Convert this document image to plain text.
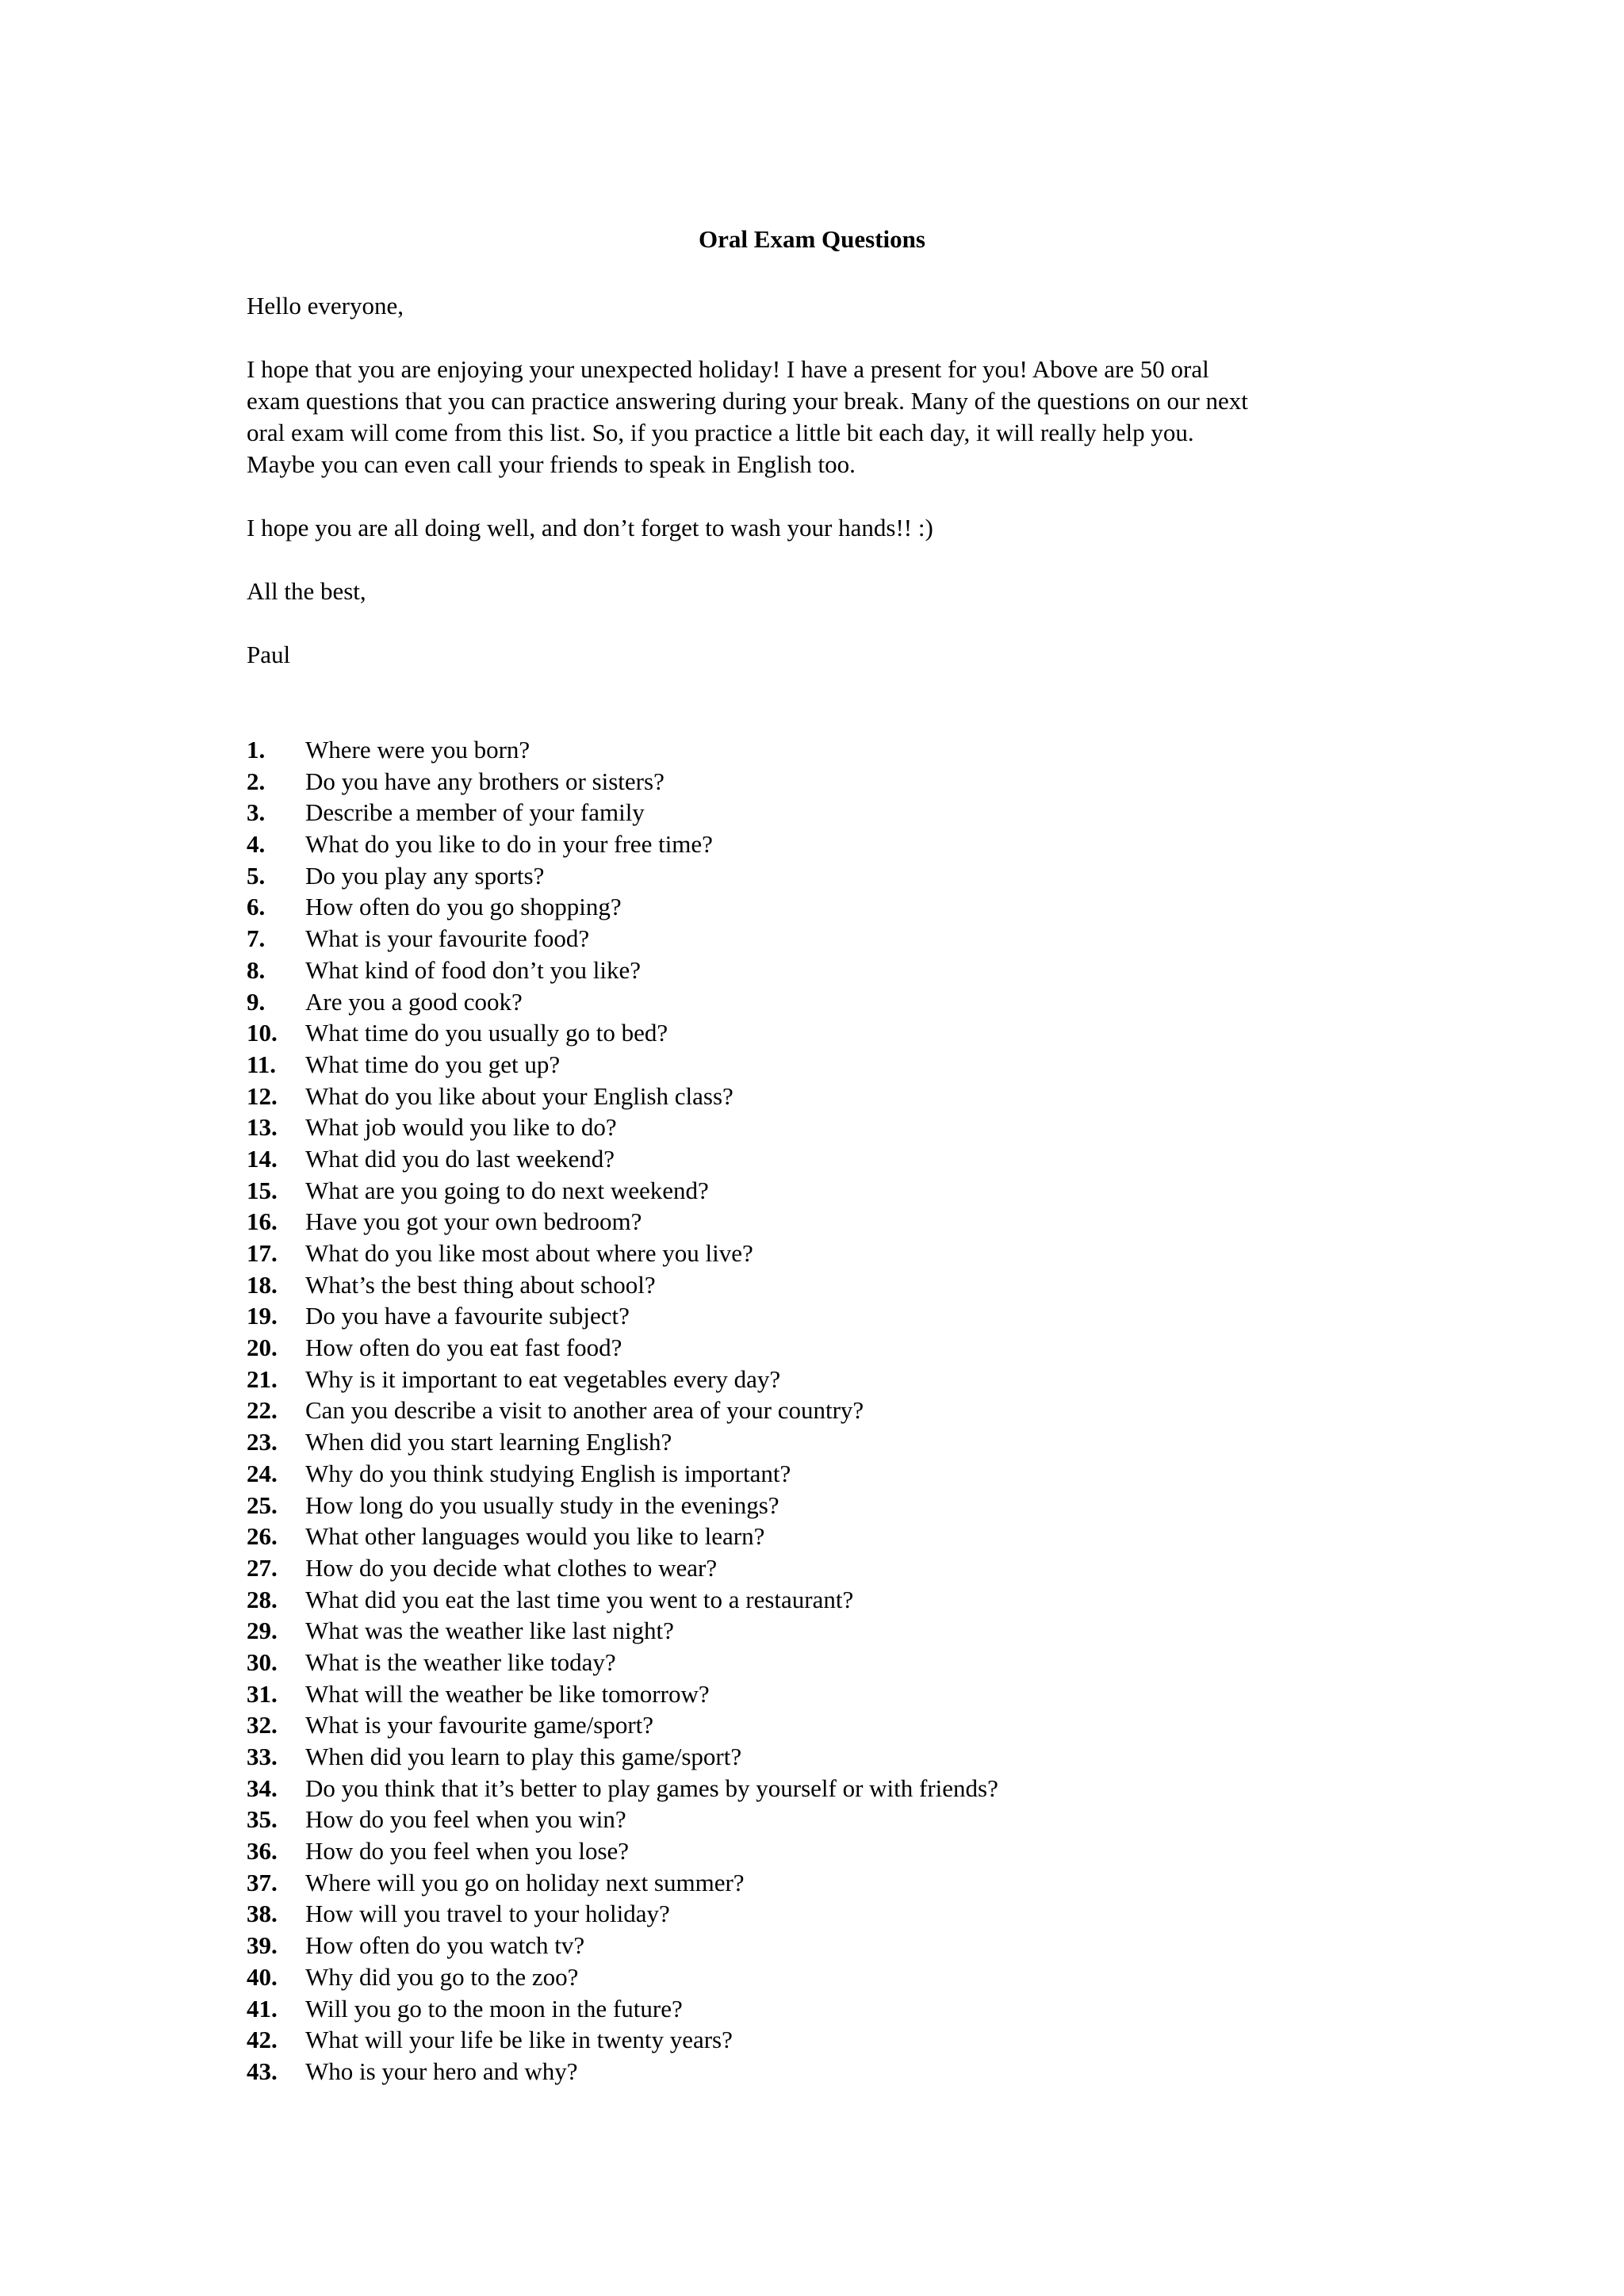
Oral Exam Questions

Hello everyone,

I hope that you are enjoying your unexpected holiday! I have a present for you! Above are 50 oral
exam questions that you can practice answering during your break. Many of the questions on our next
oral exam will come from this list. So, if you practice a little bit each day, it will really help you.
Maybe you can even call your friends to speak in English too.

I hope you are all doing well, and don’t forget to wash your hands!! :)

All the best,

Paul

1. Where were you born?
2. Do you have any brothers or sisters?
3. Describe a member of your family
4. What do you like to do in your free time?
5. Do you play any sports?
6. How often do you go shopping?
7. What is your favourite food?
8. What kind of food don’t you like?
9. Are you a good cook?
10. What time do you usually go to bed?
11. What time do you get up?
12. What do you like about your English class?
13. What job would you like to do?
14. What did you do last weekend?
15. What are you going to do next weekend?
16. Have you got your own bedroom?
17. What do you like most about where you live?
18. What’s the best thing about school?
19. Do you have a favourite subject?
20. How often do you eat fast food?
21. Why is it important to eat vegetables every day?
22. Can you describe a visit to another area of your country?
23. When did you start learning English?
24. Why do you think studying English is important?
25. How long do you usually study in the evenings?
26. What other languages would you like to learn?
27. How do you decide what clothes to wear?
28. What did you eat the last time you went to a restaurant?
29. What was the weather like last night?
30. What is the weather like today?
31. What will the weather be like tomorrow?
32. What is your favourite game/sport?
33. When did you learn to play this game/sport?
34. Do you think that it’s better to play games by yourself or with friends?
35. How do you feel when you win?
36. How do you feel when you lose?
37. Where will you go on holiday next summer?
38. How will you travel to your holiday?
39. How often do you watch tv?
40. Why did you go to the zoo?
41. Will you go to the moon in the future?
42. What will your life be like in twenty years?
43. Who is your hero and why?
